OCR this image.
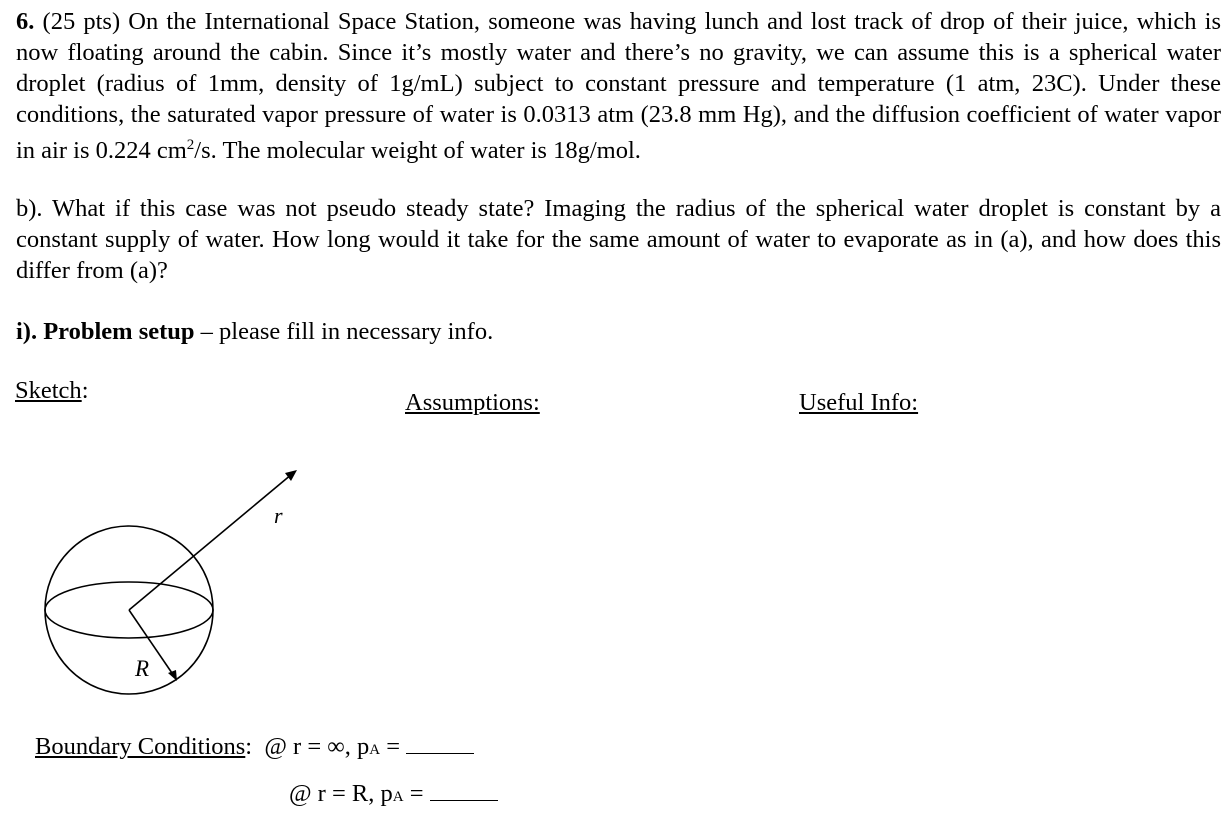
6. (25 pts) On the International Space Station, someone was having lunch and lost track of drop of their juice, which is now floating around the cabin. Since it’s mostly water and there’s no gravity, we can assume this is a spherical water droplet (radius of 1mm, density of 1g/mL) subject to constant pressure and temperature (1 atm, 23C). Under these conditions, the saturated vapor pressure of water is 0.0313 atm (23.8 mm Hg), and the diffusion coefficient of water vapor in air is 0.224 $cm^2/s$. The molecular weight of water is 18g/mol.
b). What if this case was not pseudo steady state? Imaging the radius of the spherical water droplet is constant by a constant supply of water. How long would it take for the same amount of water to evaporate as in (a), and how does this differ from (a)?
i). Problem setup – please fill in necessary info.
Sketch:	Assumptions:	Useful Info:
r
R
Boundary Conditions: @ r = ∞, pA =
@ r = R, pA =
